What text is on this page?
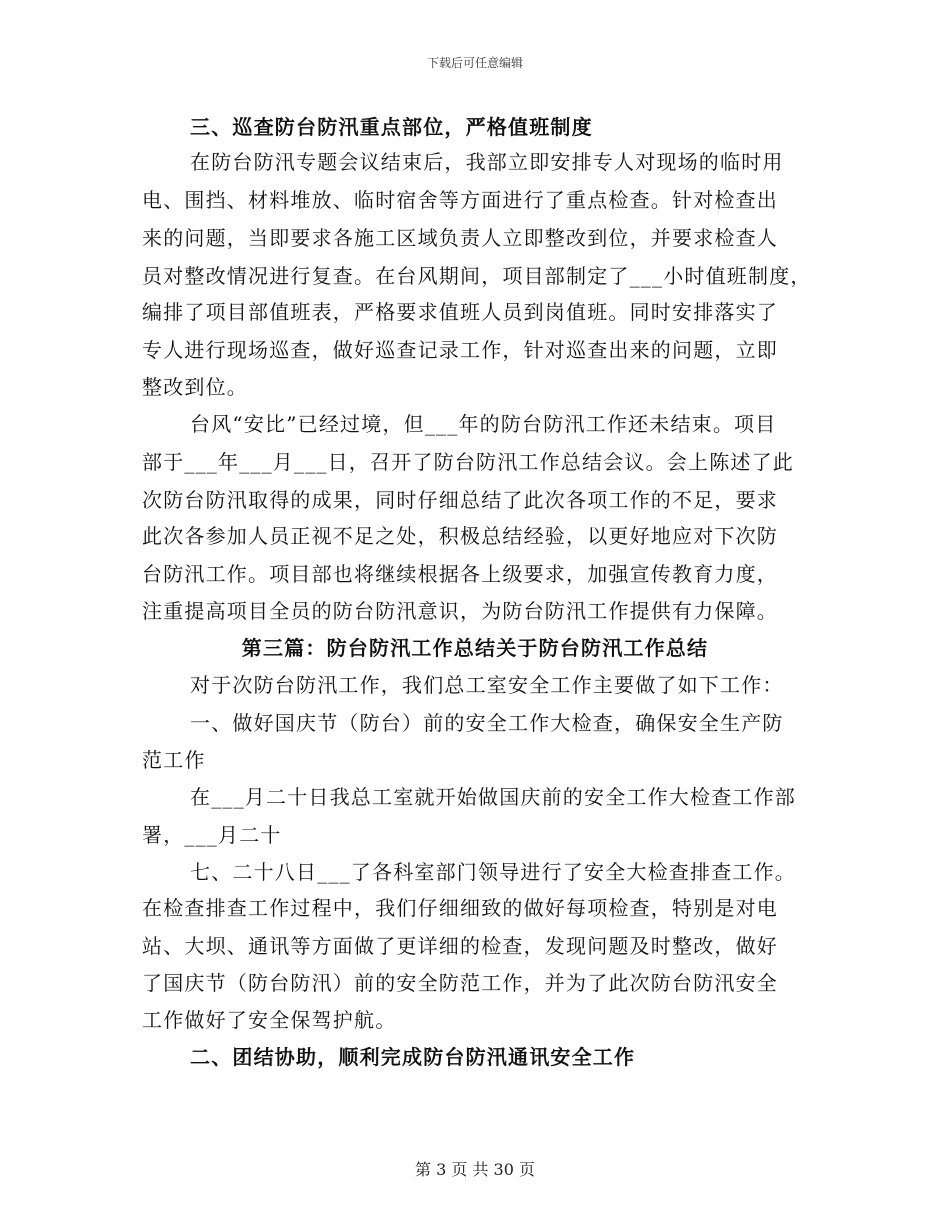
下载后可任意编辑
三、巡查防台防汛重点部位，严格值班制度
在防台防汛专题会议结束后，我部立即安排专人对现场的临时用
电、围挡、材料堆放、临时宿舍等方面进行了重点检查。针对检查出
来的问题，当即要求各施工区域负责人立即整改到位，并要求检查人
员对整改情况进行复查。在台风期间，项目部制定了___小时值班制度，
编排了项目部值班表，严格要求值班人员到岗值班。同时安排落实了
专人进行现场巡查，做好巡查记录工作，针对巡查出来的问题，立即
整改到位。
台风“安比”已经过境，但___年的防台防汛工作还未结束。项目
部于___年___月___日，召开了防台防汛工作总结会议。会上陈述了此
次防台防汛取得的成果，同时仔细总结了此次各项工作的不足，要求
此次各参加人员正视不足之处，积极总结经验，以更好地应对下次防
台防汛工作。项目部也将继续根据各上级要求，加强宣传教育力度，
注重提高项目全员的防台防汛意识，为防台防汛工作提供有力保障。
第三篇：防台防汛工作总结关于防台防汛工作总结
对于次防台防汛工作，我们总工室安全工作主要做了如下工作：
一、做好国庆节（防台）前的安全工作大检查，确保安全生产防
范工作
在___月二十日我总工室就开始做国庆前的安全工作大检查工作部
署，___月二十
七、二十八日___了各科室部门领导进行了安全大检查排查工作。
在检查排查工作过程中，我们仔细细致的做好每项检查，特别是对电
站、大坝、通讯等方面做了更详细的检查，发现问题及时整改，做好
了国庆节（防台防汛）前的安全防范工作，并为了此次防台防汛安全
工作做好了安全保驾护航。
二、团结协助，顺利完成防台防汛通讯安全工作
第 3 页 共 30 页
